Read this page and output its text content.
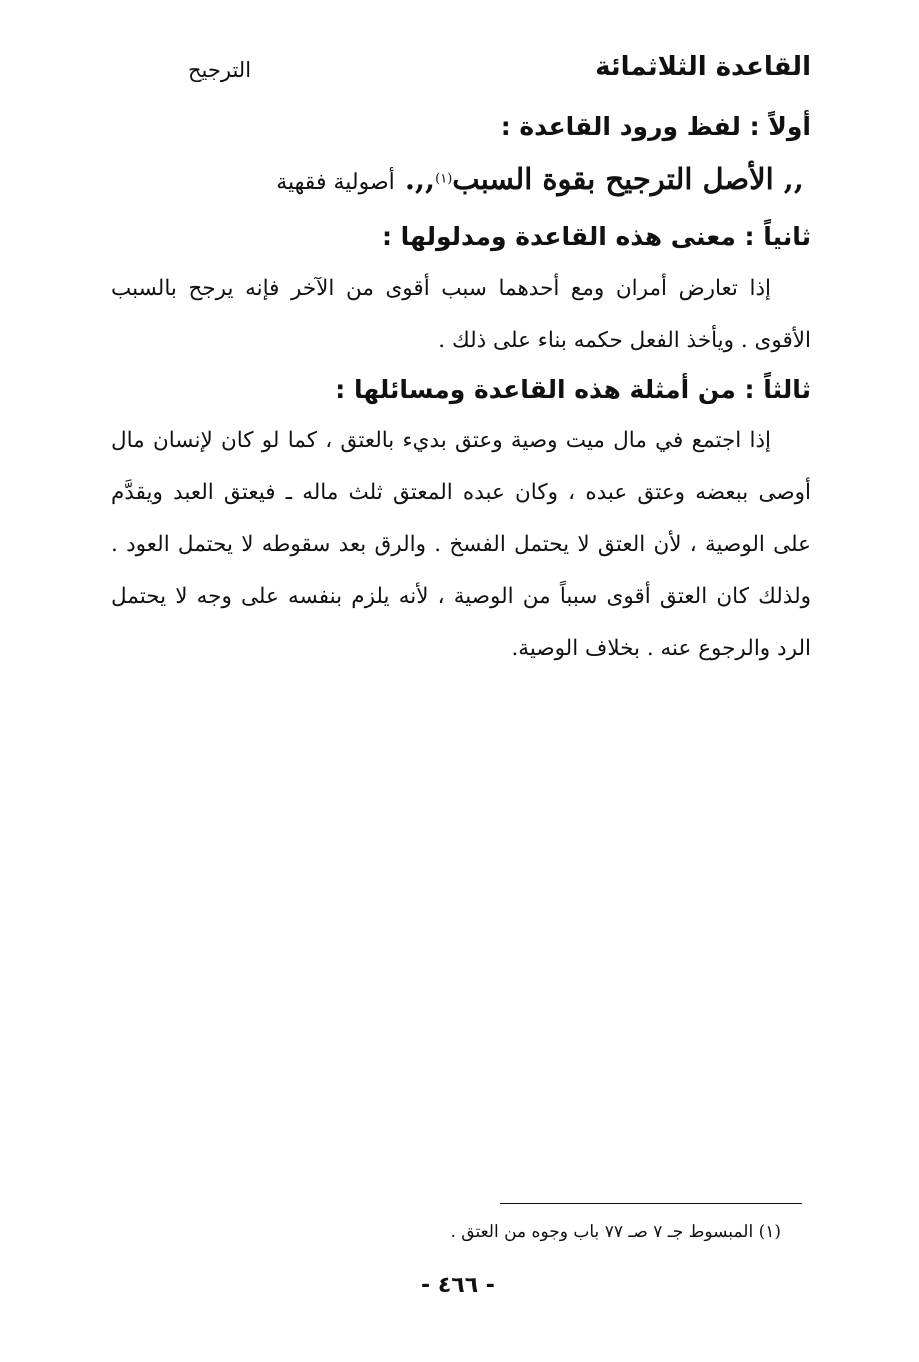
القاعدة الثلاثمائة
الترجيح
أولاً : لفظ ورود القاعدة :
,, الأصل الترجيح بقوة السبب$^{(١)}$,,. أصولية فقهية
ثانياً : معنى هذه القاعدة ومدلولها :
إذا تعارض أمران ومع أحدهما سبب أقوى من الآخر فإنه يرجح بالسبب الأقوى . ويأخذ الفعل حكمه بناء على ذلك .
ثالثاً : من أمثلة هذه القاعدة ومسائلها :
إذا اجتمع في مال ميت وصية وعتق بديء بالعتق ، كما لو كان لإنسان مال أوصى ببعضه وعتق عبده ، وكان عبده المعتق ثلث ماله ـ فيعتق العبد ويقدَّم على الوصية ، لأن العتق لا يحتمل الفسخ . والرق بعد سقوطه لا يحتمل العود . ولذلك كان العتق أقوى سبباً من الوصية ، لأنه يلزم بنفسه على وجه لا يحتمل الرد والرجوع عنه . بخلاف الوصية.
(١) المبسوط جـ ٧ صـ ٧٧ باب وجوه من العتق .
- ٤٦٦ -
